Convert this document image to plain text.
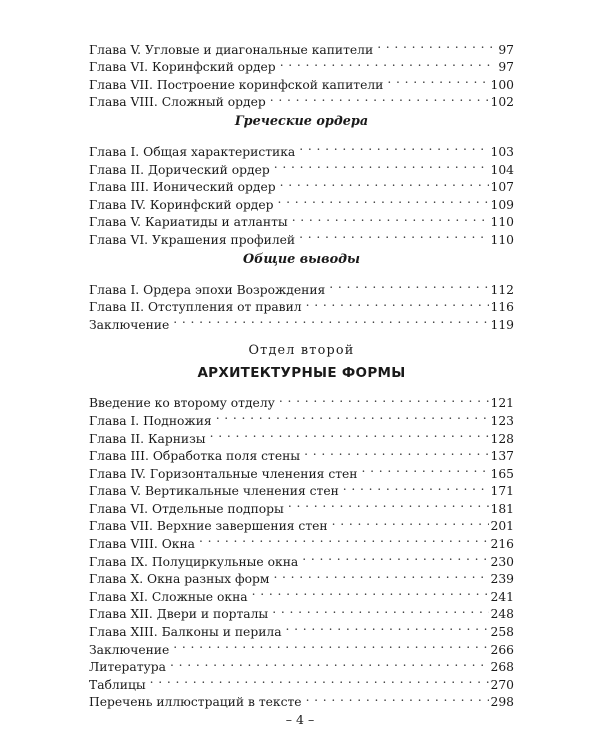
Глава V. Угловые и диагональные капители . . .	97
Глава VI. Коринфский ордер . . .	97
Глава VII. Построение коринфской капители . . .	100
Глава VIII. Сложный ордер . . .	102
Греческие ордера
Глава I. Общая характеристика . . .	103
Глава II. Дорический ордер . . .	104
Глава III. Ионический ордер . . .	107
Глава IV. Коринфский ордер . . .	109
Глава V. Кариатиды и атланты . . .	110
Глава VI. Украшения профилей . . .	110
Общие выводы
Глава I. Ордера эпохи Возрождения . . .	112
Глава II. Отступления от правил . . .	116
Заключение . . .	119
Отдел второй
АРХИТЕКТУРНЫЕ ФОРМЫ
Введение ко второму отделу . . .	121
Глава I. Подножия . . .	123
Глава II. Карнизы . . .	128
Глава III. Обработка поля стены . . .	137
Глава IV. Горизонтальные членения стен . . .	165
Глава V. Вертикальные членения стен . . .	171
Глава VI. Отдельные подпоры . . .	181
Глава VII. Верхние завершения стен . . .	201
Глава VIII. Окна . . .	216
Глава IX. Полуциркульные окна . . .	230
Глава X. Окна разных форм . . .	239
Глава XI. Сложные окна . . .	241
Глава XII. Двери и порталы . . .	248
Глава XIII. Балконы и перила . . .	258
Заключение . . .	266
Литература . . .	268
Таблицы . . .	270
Перечень иллюстраций в тексте . . .	298
– 4 –
